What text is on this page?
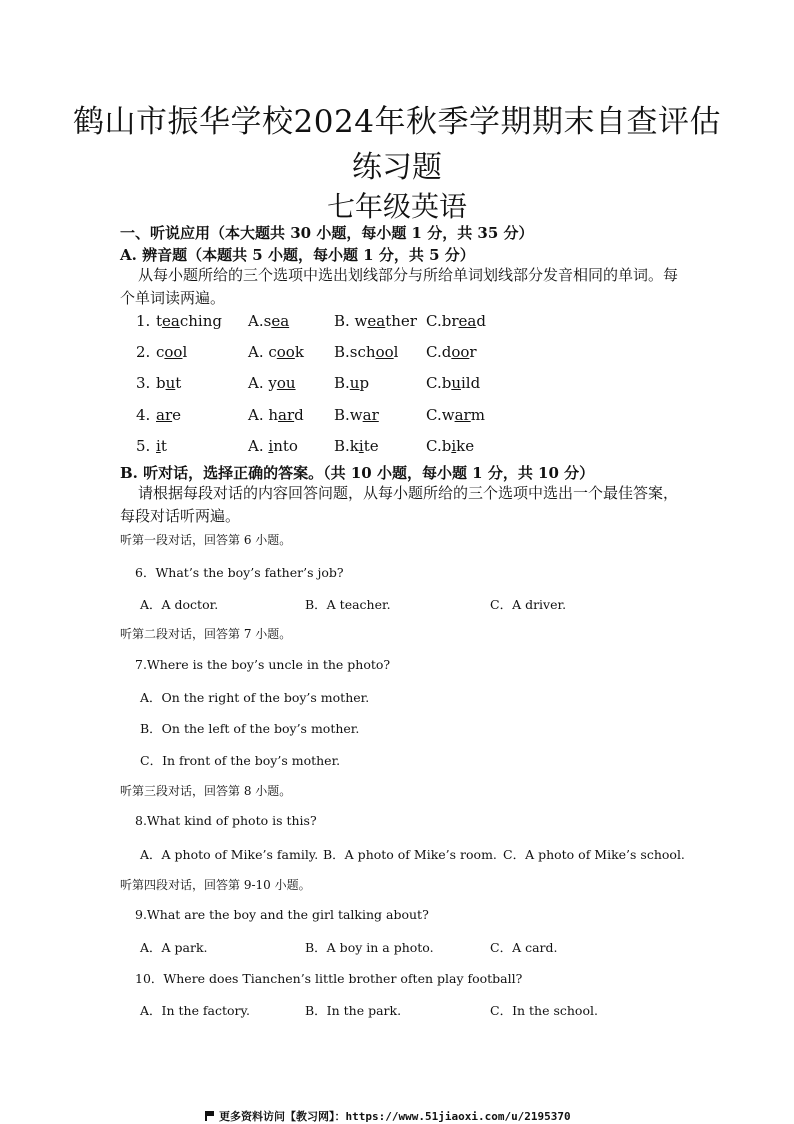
鹤山市振华学校2024年秋季学期期末自查评估
练习题
七年级英语
一、听说应用（本大题共 30 小题，每小题 1 分，共 35 分）
A. 辨音题（本题共 5 小题，每小题 1 分，共 5 分）
从每小题所给的三个选项中选出划线部分与所给单词划线部分发音相同的单词。每个单词读两遍。
1. teaching A.sea	B. weather C.bread
2. cool	A. cook B.school C.door
3. but	A. you	B.up	C.build
4. are	A. hard B.war	C.warm
5. it	A. into B.kite	C.bike
B. 听对话，选择正确的答案。（共 10 小题，每小题 1 分，共 10 分）
请根据每段对话的内容回答问题，从每小题所给的三个选项中选出一个最佳答案，每段对话听两遍。
听第一段对话，回答第 6 小题。
6．What’s the boy’s father’s job?
A．A doctor.	B．A teacher.	C．A driver.
听第二段对话，回答第 7 小题。
7.Where is the boy’s uncle in the photo?
A．On the right of the boy’s mother.
B．On the left of the boy’s mother.
C．In front of the boy’s mother.
听第三段对话，回答第 8 小题。
8.What kind of photo is this?
A．A photo of Mike’s family. B．A photo of Mike’s room. C．A photo of Mike’s school.
听第四段对话，回答第 9-10 小题。
9.What are the boy and the girl talking about?
A．A park.	B．A boy in a photo.	C．A card.
10．Where does Tianchen’s little brother often play football?
A．In the factory.	B．In the park.	C．In the school.
更多资料访问【教习网】：https://www.51jiaoxi.com/u/2195370
